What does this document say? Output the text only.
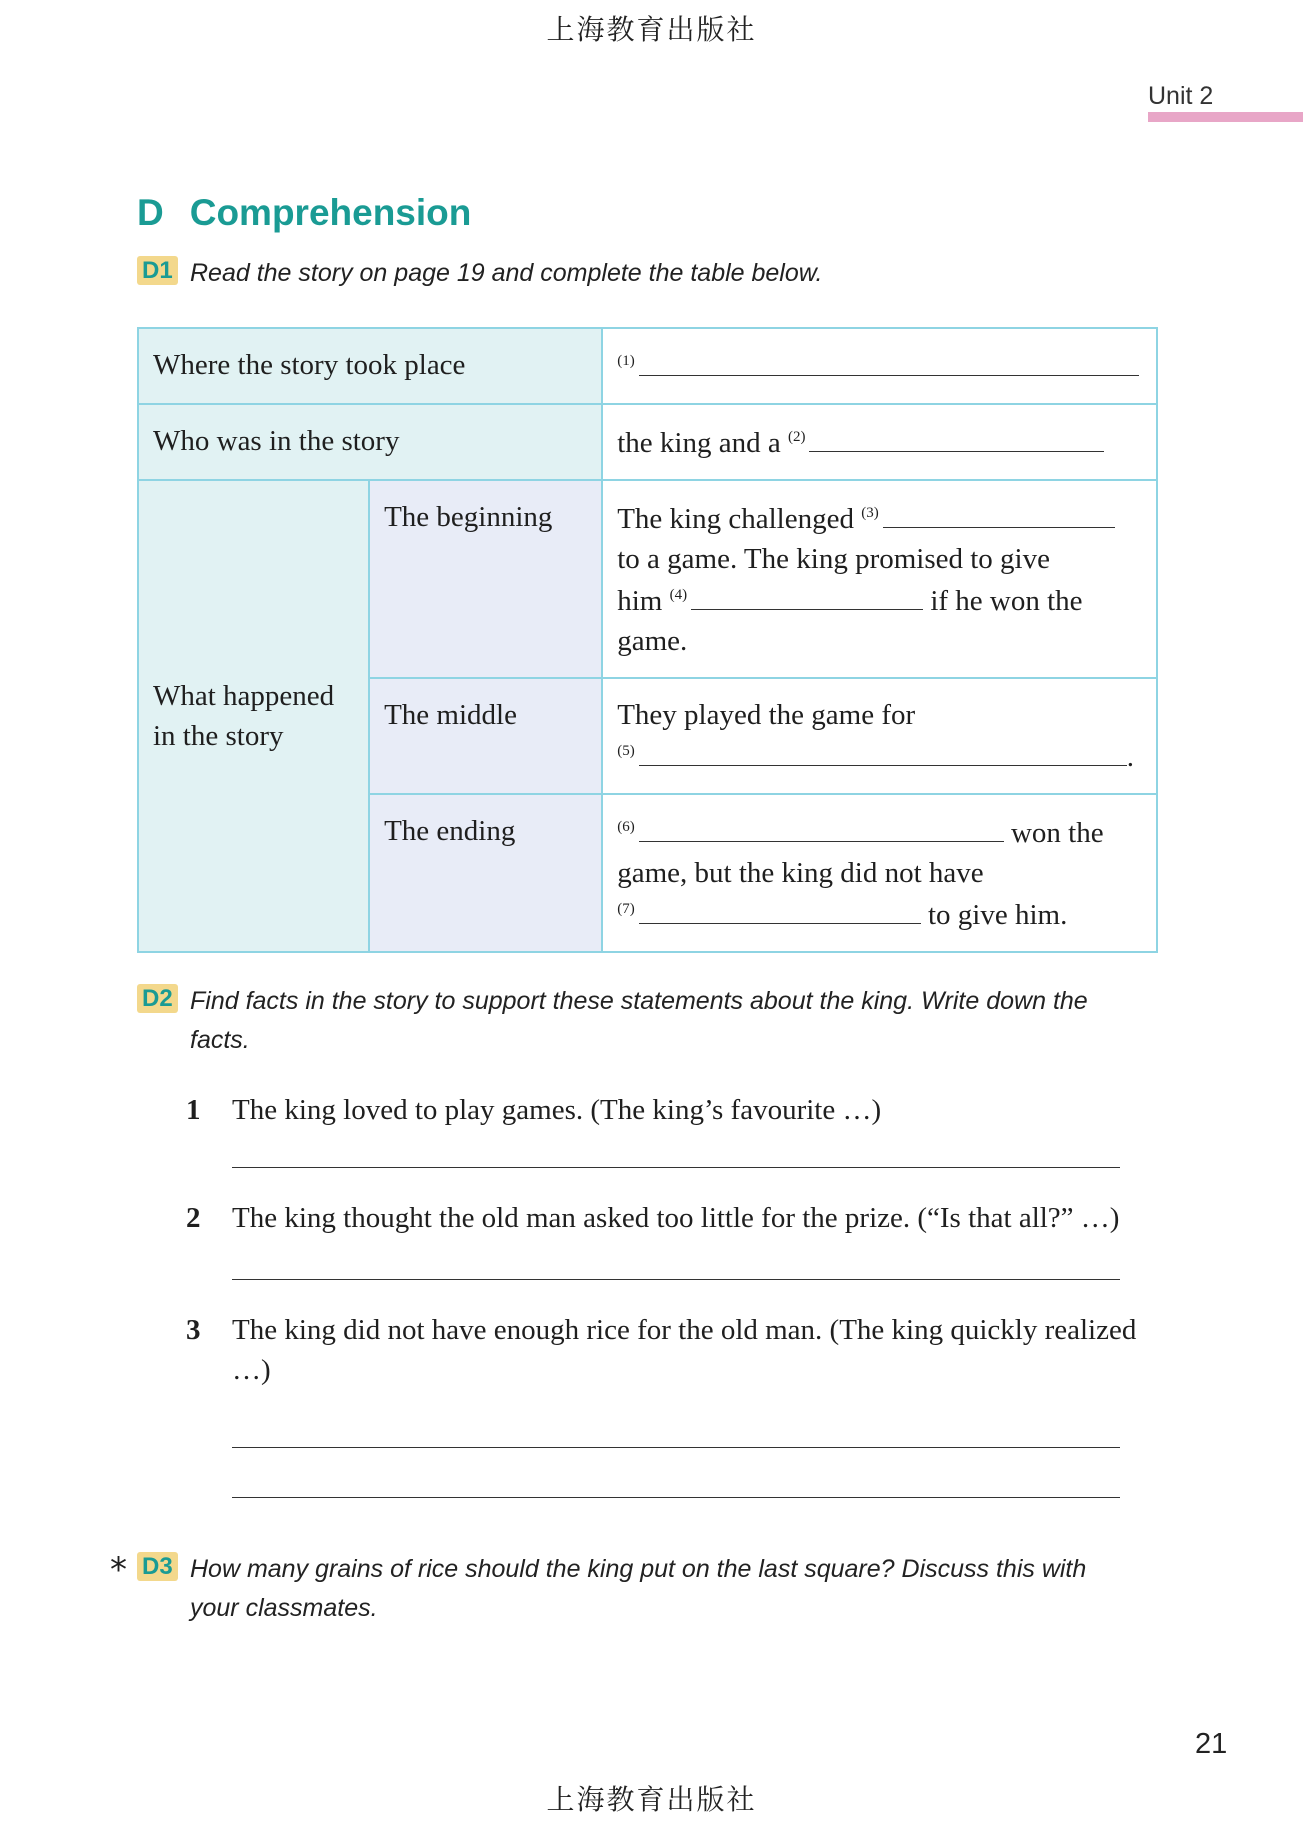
上海教育出版社
Unit 2
D Comprehension
D1 Read the story on page 19 and complete the table below.
Where the story took place		$^{(1)}$
Who was in the story		the king and a $^{(2)}$
What happened in the story	The beginning	The king challenged $^{(3)}$
to a game. The king promised to give
him $^{(4)}$ if he won the
game.

	The middle	They played the game for
$^{(5)}$ .

	The ending	$^{(6)}$ won the
game, but the king did not have
$^{(7)}$ to give him.
D2 Find facts in the story to support these statements about the king. Write down the facts.
1 The king loved to play games. (The king’s favourite …)
2 The king thought the old man asked too little for the prize. (“Is that all?” …)
3 The king did not have enough rice for the old man. (The king quickly realized …)
* D3 How many grains of rice should the king put on the last square? Discuss this with your classmates.
21
上海教育出版社
